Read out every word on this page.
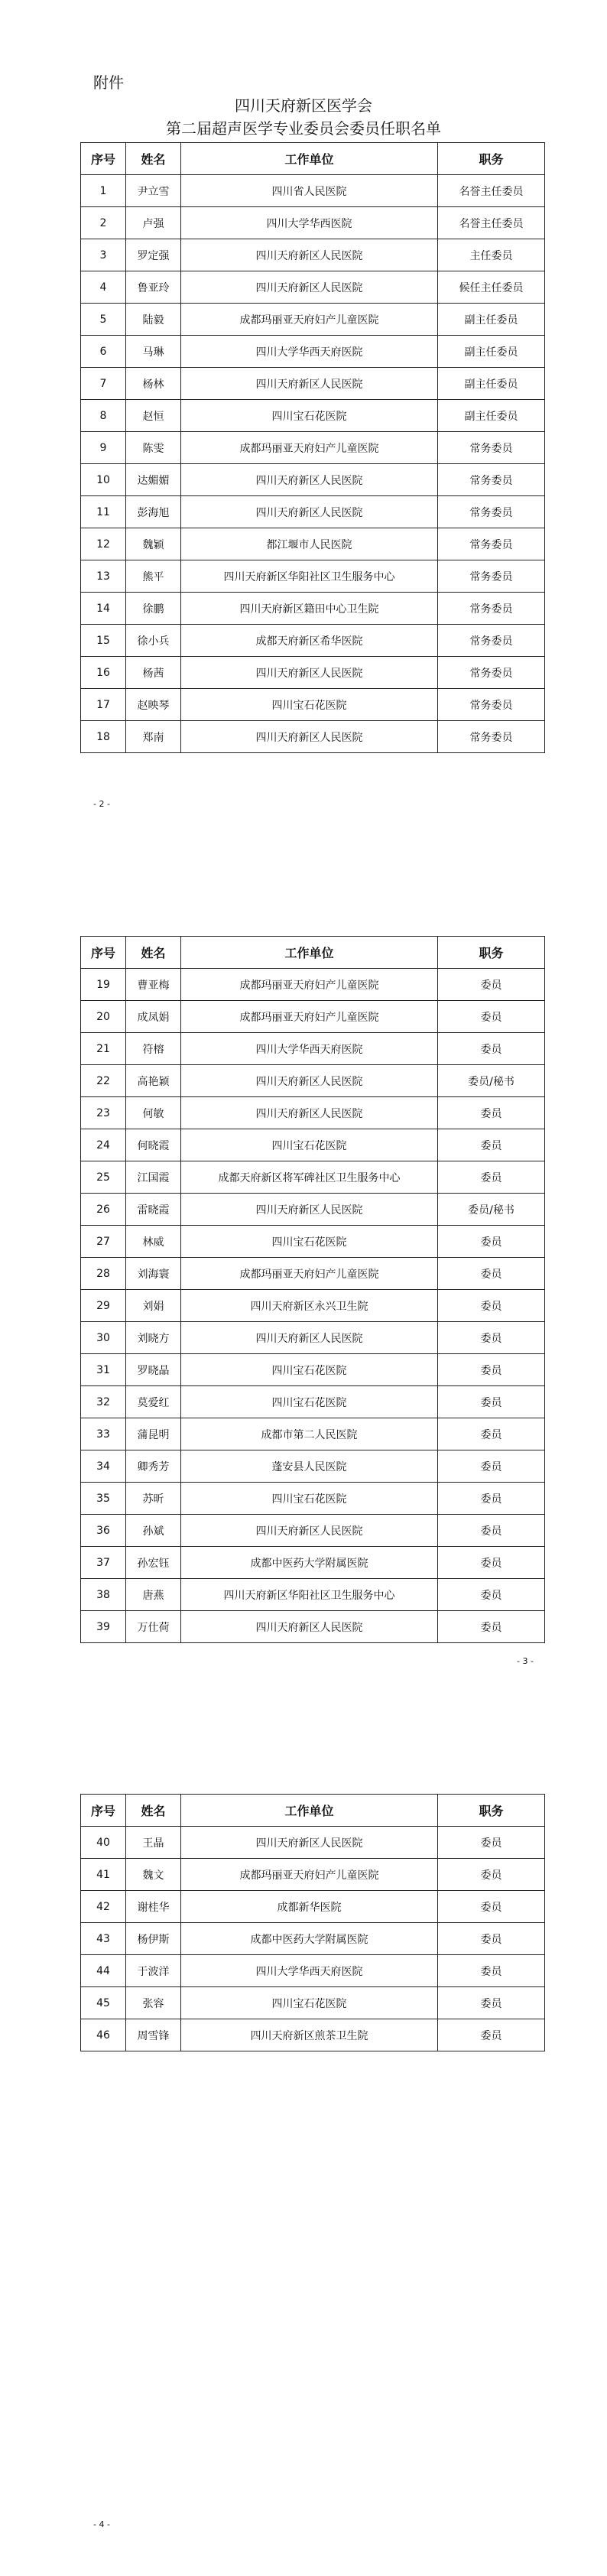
附件
四川天府新区医学会
第二届超声医学专业委员会委员任职名单
序号	姓名	工作单位	职务
1	尹立雪	四川省人民医院	名誉主任委员
2	卢强	四川大学华西医院	名誉主任委员
3	罗定强	四川天府新区人民医院	主任委员
4	鲁亚玲	四川天府新区人民医院	候任主任委员
5	陆毅	成都玛丽亚天府妇产儿童医院	副主任委员
6	马琳	四川大学华西天府医院	副主任委员
7	杨林	四川天府新区人民医院	副主任委员
8	赵恒	四川宝石花医院	副主任委员
9	陈雯	成都玛丽亚天府妇产儿童医院	常务委员
10	达媚媚	四川天府新区人民医院	常务委员
11	彭海旭	四川天府新区人民医院	常务委员
12	魏颖	都江堰市人民医院	常务委员
13	熊平	四川天府新区华阳社区卫生服务中心	常务委员
14	徐鹏	四川天府新区籍田中心卫生院	常务委员
15	徐小兵	成都天府新区希华医院	常务委员
16	杨茜	四川天府新区人民医院	常务委员
17	赵映琴	四川宝石花医院	常务委员
18	郑南	四川天府新区人民医院	常务委员
- 2 -
序号	姓名	工作单位	职务
19	曹亚梅	成都玛丽亚天府妇产儿童医院	委员
20	成凤娟	成都玛丽亚天府妇产儿童医院	委员
21	符榕	四川大学华西天府医院	委员
22	高艳颖	四川天府新区人民医院	委员/秘书
23	何敏	四川天府新区人民医院	委员
24	何晓霞	四川宝石花医院	委员
25	江国霞	成都天府新区将军碑社区卫生服务中心	委员
26	雷晓霞	四川天府新区人民医院	委员/秘书
27	林威	四川宝石花医院	委员
28	刘海寰	成都玛丽亚天府妇产儿童医院	委员
29	刘娟	四川天府新区永兴卫生院	委员
30	刘晓方	四川天府新区人民医院	委员
31	罗晓晶	四川宝石花医院	委员
32	莫爱红	四川宝石花医院	委员
33	蒲昆明	成都市第二人民医院	委员
34	卿秀芳	蓬安县人民医院	委员
35	苏昕	四川宝石花医院	委员
36	孙斌	四川天府新区人民医院	委员
37	孙宏钰	成都中医药大学附属医院	委员
38	唐燕	四川天府新区华阳社区卫生服务中心	委员
39	万仕荷	四川天府新区人民医院	委员
- 3 -
序号	姓名	工作单位	职务
40	王晶	四川天府新区人民医院	委员
41	魏文	成都玛丽亚天府妇产儿童医院	委员
42	谢桂华	成都新华医院	委员
43	杨伊斯	成都中医药大学附属医院	委员
44	于波洋	四川大学华西天府医院	委员
45	张容	四川宝石花医院	委员
46	周雪锋	四川天府新区煎茶卫生院	委员
- 4 -
